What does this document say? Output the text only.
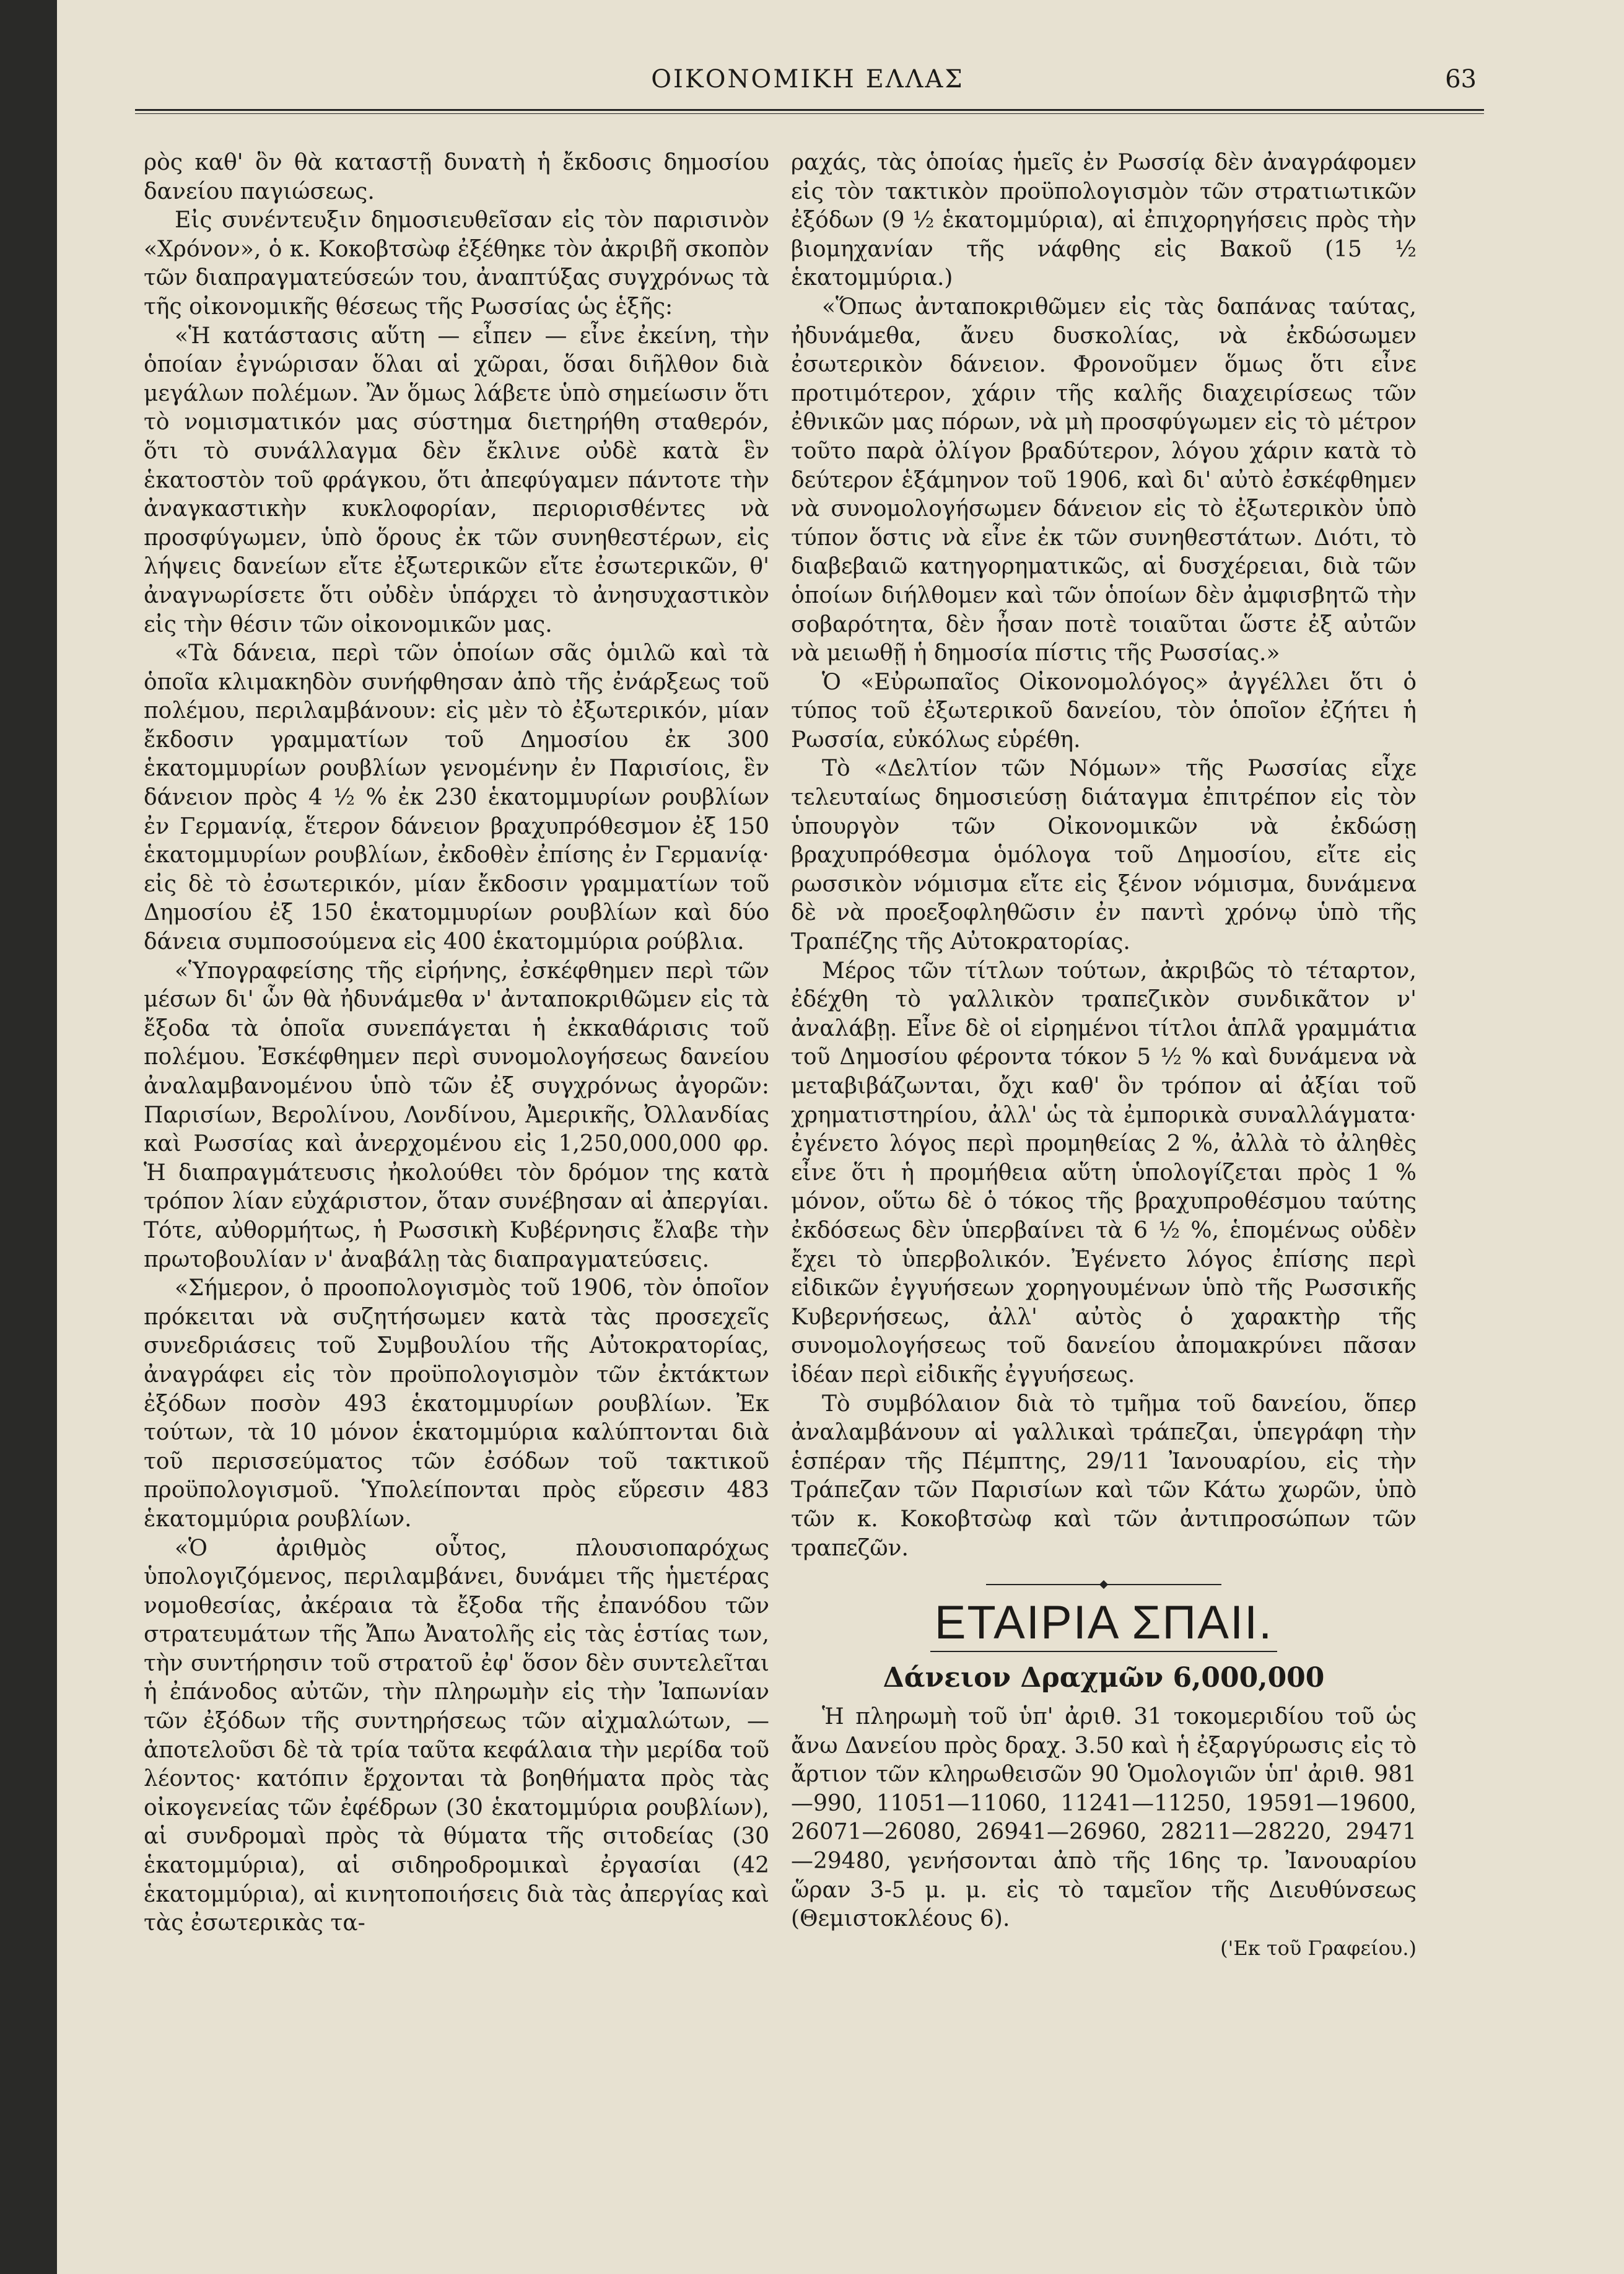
ΟΙΚΟΝΟΜΙΚΗ ΕΛΛΑΣ	63

ρὸς καθ' ὃν θὰ καταστῇ δυνατὴ ἡ ἔκδοσις δημοσίου δανείου παγιώσεως.

Εἰς συνέντευξιν δημοσιευθεῖσαν εἰς τὸν παρισινὸν «Χρόνον», ὁ κ. Κοκοβτσὼφ ἐξέθηκε τὸν ἀκριβῆ σκοπὸν τῶν διαπραγματεύσεών του, ἀναπτύξας συγχρόνως τὰ τῆς οἰκονομικῆς θέσεως τῆς Ρωσσίας ὡς ἑξῆς:

«Ἡ κατάστασις αὕτη — εἶπεν — εἶνε ἐκείνη, τὴν ὁποίαν ἐγνώρισαν ὅλαι αἱ χῶραι, ὅσαι διῆλθον διὰ μεγάλων πολέμων. Ἂν ὅμως λάβετε ὑπὸ σημείωσιν ὅτι τὸ νομισματικόν μας σύστημα διετηρήθη σταθερόν, ὅτι τὸ συνάλλαγμα δὲν ἔκλινε οὐδὲ κατὰ ἓν ἑκατοστὸν τοῦ φράγκου, ὅτι ἀπεφύγαμεν πάντοτε τὴν ἀναγκαστικὴν κυκλοφορίαν, περιορισθέντες νὰ προσφύγωμεν, ὑπὸ ὅρους ἐκ τῶν συνηθεστέρων, εἰς λήψεις δανείων εἴτε ἐξωτερικῶν εἴτε ἐσωτερικῶν, θ' ἀναγνωρίσετε ὅτι οὐδὲν ὑπάρχει τὸ ἀνησυχαστικὸν εἰς τὴν θέσιν τῶν οἰκονομικῶν μας.

«Τὰ δάνεια, περὶ τῶν ὁποίων σᾶς ὁμιλῶ καὶ τὰ ὁποῖα κλιμακηδὸν συνήφθησαν ἀπὸ τῆς ἐνάρξεως τοῦ πολέμου, περιλαμβάνουν: εἰς μὲν τὸ ἐξωτερικόν, μίαν ἔκδοσιν γραμματίων τοῦ Δημοσίου ἐκ 300 ἑκατομμυρίων ρουβλίων γενομένην ἐν Παρισίοις, ἓν δάνειον πρὸς 4 ½ % ἐκ 230 ἑκατομμυρίων ρουβλίων ἐν Γερμανίᾳ, ἕτερον δάνειον βραχυπρόθεσμον ἐξ 150 ἑκατομμυρίων ρουβλίων, ἐκδοθὲν ἐπίσης ἐν Γερμανίᾳ· εἰς δὲ τὸ ἐσωτερικόν, μίαν ἔκδοσιν γραμματίων τοῦ Δημοσίου ἐξ 150 ἑκατομμυρίων ρουβλίων καὶ δύο δάνεια συμποσούμενα εἰς 400 ἑκατομμύρια ρούβλια.

«Ὑπογραφείσης τῆς εἰρήνης, ἐσκέφθημεν περὶ τῶν μέσων δι' ὧν θὰ ἠδυνάμεθα ν' ἀνταποκριθῶμεν εἰς τὰ ἔξοδα τὰ ὁποῖα συνεπάγεται ἡ ἐκκαθάρισις τοῦ πολέμου. Ἐσκέφθημεν περὶ συνομολογήσεως δανείου ἀναλαμβανομένου ὑπὸ τῶν ἐξ συγχρόνως ἀγορῶν: Παρισίων, Βερολίνου, Λονδίνου, Ἀμερικῆς, Ὀλλανδίας καὶ Ρωσσίας καὶ ἀνερχομένου εἰς 1,250,000,000 φρ. Ἡ διαπραγμάτευσις ἠκολούθει τὸν δρόμον της κατὰ τρόπον λίαν εὐχάριστον, ὅταν συνέβησαν αἱ ἀπεργίαι. Τότε, αὐθορμήτως, ἡ Ρωσσικὴ Κυβέρνησις ἔλαβε τὴν πρωτοβουλίαν ν' ἀναβάλῃ τὰς διαπραγματεύσεις.

«Σήμερον, ὁ προοπολογισμὸς τοῦ 1906, τὸν ὁποῖον πρόκειται νὰ συζητήσωμεν κατὰ τὰς προσεχεῖς συνεδριάσεις τοῦ Συμβουλίου τῆς Αὐτοκρατορίας, ἀναγράφει εἰς τὸν προϋπολογισμὸν τῶν ἐκτάκτων ἐξόδων ποσὸν 493 ἑκατομμυρίων ρουβλίων. Ἐκ τούτων, τὰ 10 μόνον ἑκατομμύρια καλύπτονται διὰ τοῦ περισσεύματος τῶν ἐσόδων τοῦ τακτικοῦ προϋπολογισμοῦ. Ὑπολείπονται πρὸς εὕρεσιν 483 ἑκατομμύρια ρουβλίων.

«Ὁ ἀριθμὸς οὗτος, πλουσιοπαρόχως ὑπολογιζόμενος, περιλαμβάνει, δυνάμει τῆς ἡμετέρας νομοθεσίας, ἀκέραια τὰ ἔξοδα τῆς ἐπανόδου τῶν στρατευμάτων τῆς Ἄπω Ἀνατολῆς εἰς τὰς ἑστίας των, τὴν συντήρησιν τοῦ στρατοῦ ἐφ' ὅσον δὲν συντελεῖται ἡ ἐπάνοδος αὐτῶν, τὴν πληρωμὴν εἰς τὴν Ἰαπωνίαν τῶν ἐξόδων τῆς συντηρήσεως τῶν αἰχμαλώτων, — ἀποτελοῦσι δὲ τὰ τρία ταῦτα κεφάλαια τὴν μερίδα τοῦ λέοντος· κατόπιν ἔρχονται τὰ βοηθήματα πρὸς τὰς οἰκογενείας τῶν ἐφέδρων (30 ἑκατομμύρια ρουβλίων), αἱ συνδρομαὶ πρὸς τὰ θύματα τῆς σιτοδείας (30 ἑκατομμύρια), αἱ σιδηροδρομικαὶ ἐργασίαι (42 ἑκατομμύρια), αἱ κινητοποιήσεις διὰ τὰς ἀπεργίας καὶ τὰς ἐσωτερικὰς τα-

ραχάς, τὰς ὁποίας ἡμεῖς ἐν Ρωσσίᾳ δὲν ἀναγράφομεν εἰς τὸν τακτικὸν προϋπολογισμὸν τῶν στρατιωτικῶν ἐξόδων (9 ½ ἑκατομμύρια), αἱ ἐπιχορηγήσεις πρὸς τὴν βιομηχανίαν τῆς νάφθης εἰς Βακοῦ (15 ½ ἑκατομμύρια.)

«Ὅπως ἀνταποκριθῶμεν εἰς τὰς δαπάνας ταύτας, ἠδυνάμεθα, ἄνευ δυσκολίας, νὰ ἐκδώσωμεν ἐσωτερικὸν δάνειον. Φρονοῦμεν ὅμως ὅτι εἶνε προτιμότερον, χάριν τῆς καλῆς διαχειρίσεως τῶν ἐθνικῶν μας πόρων, νὰ μὴ προσφύγωμεν εἰς τὸ μέτρον τοῦτο παρὰ ὀλίγον βραδύτερον, λόγου χάριν κατὰ τὸ δεύτερον ἑξάμηνον τοῦ 1906, καὶ δι' αὐτὸ ἐσκέφθημεν νὰ συνομολογήσωμεν δάνειον εἰς τὸ ἐξωτερικὸν ὑπὸ τύπον ὅστις νὰ εἶνε ἐκ τῶν συνηθεστάτων. Διότι, τὸ διαβεβαιῶ κατηγορηματικῶς, αἱ δυσχέρειαι, διὰ τῶν ὁποίων διήλθομεν καὶ τῶν ὁποίων δὲν ἀμφισβητῶ τὴν σοβαρότητα, δὲν ἦσαν ποτὲ τοιαῦται ὥστε ἐξ αὐτῶν νὰ μειωθῇ ἡ δημοσία πίστις τῆς Ρωσσίας.»

Ὁ «Εὐρωπαῖος Οἰκονομολόγος» ἀγγέλλει ὅτι ὁ τύπος τοῦ ἐξωτερικοῦ δανείου, τὸν ὁποῖον ἐζήτει ἡ Ρωσσία, εὐκόλως εὑρέθη.

Τὸ «Δελτίον τῶν Νόμων» τῆς Ρωσσίας εἶχε τελευταίως δημοσιεύσῃ διάταγμα ἐπιτρέπον εἰς τὸν ὑπουργὸν τῶν Οἰκονομικῶν νὰ ἐκδώσῃ βραχυπρόθεσμα ὁμόλογα τοῦ Δημοσίου, εἴτε εἰς ρωσσικὸν νόμισμα εἴτε εἰς ξένον νόμισμα, δυνάμενα δὲ νὰ προεξοφληθῶσιν ἐν παντὶ χρόνῳ ὑπὸ τῆς Τραπέζης τῆς Αὐτοκρατορίας.

Μέρος τῶν τίτλων τούτων, ἀκριβῶς τὸ τέταρτον, ἐδέχθη τὸ γαλλικὸν τραπεζικὸν συνδικᾶτον ν' ἀναλάβῃ. Εἶνε δὲ οἱ εἰρημένοι τίτλοι ἁπλᾶ γραμμάτια τοῦ Δημοσίου φέροντα τόκον 5 ½ % καὶ δυνάμενα νὰ μεταβιβάζωνται, ὄχι καθ' ὃν τρόπον αἱ ἀξίαι τοῦ χρηματιστηρίου, ἀλλ' ὡς τὰ ἐμπορικὰ συναλλάγματα· ἐγένετο λόγος περὶ προμηθείας 2 %, ἀλλὰ τὸ ἀληθὲς εἶνε ὅτι ἡ προμήθεια αὕτη ὑπολογίζεται πρὸς 1 % μόνον, οὕτω δὲ ὁ τόκος τῆς βραχυπροθέσμου ταύτης ἐκδόσεως δὲν ὑπερβαίνει τὰ 6 ½ %, ἑπομένως οὐδὲν ἔχει τὸ ὑπερβολικόν. Ἐγένετο λόγος ἐπίσης περὶ εἰδικῶν ἐγγυήσεων χορηγουμένων ὑπὸ τῆς Ρωσσικῆς Κυβερνήσεως, ἀλλ' αὐτὸς ὁ χαρακτὴρ τῆς συνομολογήσεως τοῦ δανείου ἀπομακρύνει πᾶσαν ἰδέαν περὶ εἰδικῆς ἐγγυήσεως.

Τὸ συμβόλαιον διὰ τὸ τμῆμα τοῦ δανείου, ὅπερ ἀναλαμβάνουν αἱ γαλλικαὶ τράπεζαι, ὑπεγράφη τὴν ἑσπέραν τῆς Πέμπτης, 29/11 Ἰανουαρίου, εἰς τὴν Τράπεζαν τῶν Παρισίων καὶ τῶν Κάτω χωρῶν, ὑπὸ τῶν κ. Κοκοβτσὼφ καὶ τῶν ἀντιπροσώπων τῶν τραπεζῶν.

ΕΤΑΙΡΙΑ ΣΠΑΙΙ.
Δάνειον Δραχμῶν 6,000,000

Ἡ πληρωμὴ τοῦ ὑπ' ἀριθ. 31 τοκομεριδίου τοῦ ὡς ἄνω Δανείου πρὸς δραχ. 3.50 καὶ ἡ ἐξαργύρωσις εἰς τὸ ἄρτιον τῶν κληρωθεισῶν 90 Ὁμολογιῶν ὑπ' ἀριθ. 981—990, 11051—11060, 11241—11250, 19591—19600, 26071—26080, 26941—26960, 28211—28220, 29471—29480, γενήσονται ἀπὸ τῆς 16ης τρ. Ἰανουαρίου ὥραν 3-5 μ. μ. εἰς τὸ ταμεῖον τῆς Διευθύνσεως (Θεμιστοκλέους 6).

('Εκ τοῦ Γραφείου.)
